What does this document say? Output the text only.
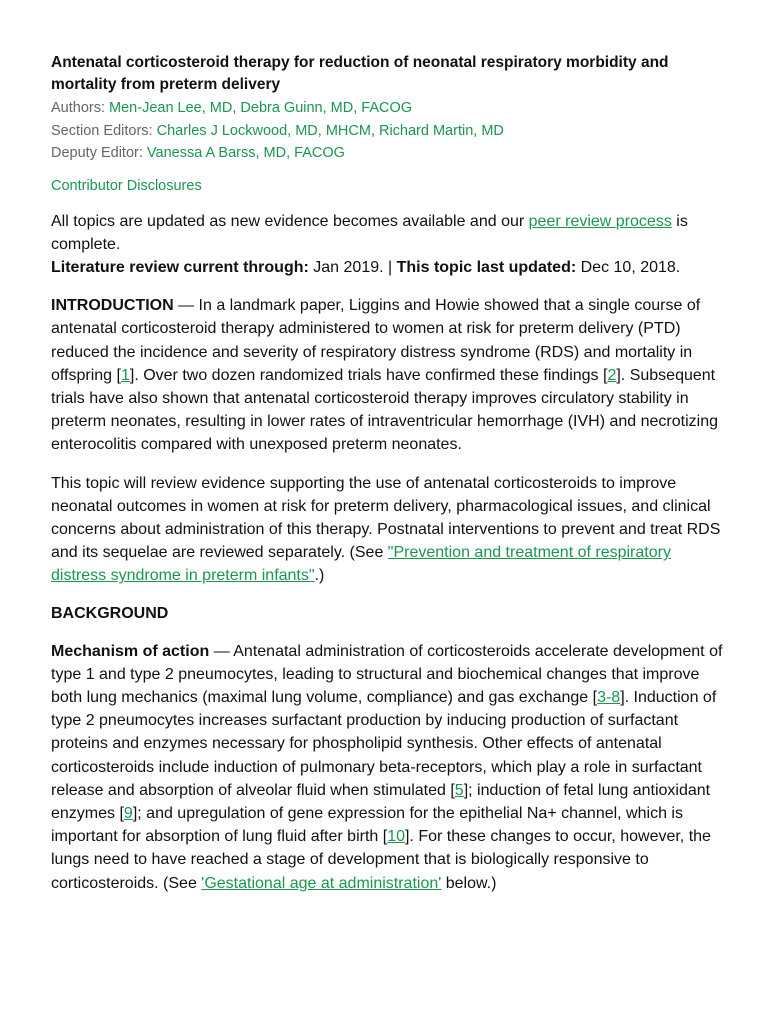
Antenatal corticosteroid therapy for reduction of neonatal respiratory morbidity and mortality from preterm delivery
Authors: Men-Jean Lee, MD, Debra Guinn, MD, FACOG
Section Editors: Charles J Lockwood, MD, MHCM, Richard Martin, MD
Deputy Editor: Vanessa A Barss, MD, FACOG
Contributor Disclosures
All topics are updated as new evidence becomes available and our peer review process is complete.
Literature review current through: Jan 2019. | This topic last updated: Dec 10, 2018.

INTRODUCTION — In a landmark paper, Liggins and Howie showed that a single course of antenatal corticosteroid therapy administered to women at risk for preterm delivery (PTD) reduced the incidence and severity of respiratory distress syndrome (RDS) and mortality in offspring [1]. Over two dozen randomized trials have confirmed these findings [2]. Subsequent trials have also shown that antenatal corticosteroid therapy improves circulatory stability in preterm neonates, resulting in lower rates of intraventricular hemorrhage (IVH) and necrotizing enterocolitis compared with unexposed preterm neonates.

This topic will review evidence supporting the use of antenatal corticosteroids to improve neonatal outcomes in women at risk for preterm delivery, pharmacological issues, and clinical concerns about administration of this therapy. Postnatal interventions to prevent and treat RDS and its sequelae are reviewed separately. (See "Prevention and treatment of respiratory distress syndrome in preterm infants".)

BACKGROUND

Mechanism of action — Antenatal administration of corticosteroids accelerate development of type 1 and type 2 pneumocytes, leading to structural and biochemical changes that improve both lung mechanics (maximal lung volume, compliance) and gas exchange [3-8]. Induction of type 2 pneumocytes increases surfactant production by inducing production of surfactant proteins and enzymes necessary for phospholipid synthesis. Other effects of antenatal corticosteroids include induction of pulmonary beta-receptors, which play a role in surfactant release and absorption of alveolar fluid when stimulated [5]; induction of fetal lung antioxidant enzymes [9]; and upregulation of gene expression for the epithelial Na+ channel, which is important for absorption of lung fluid after birth [10]. For these changes to occur, however, the lungs need to have reached a stage of development that is biologically responsive to corticosteroids. (See 'Gestational age at administration' below.)
